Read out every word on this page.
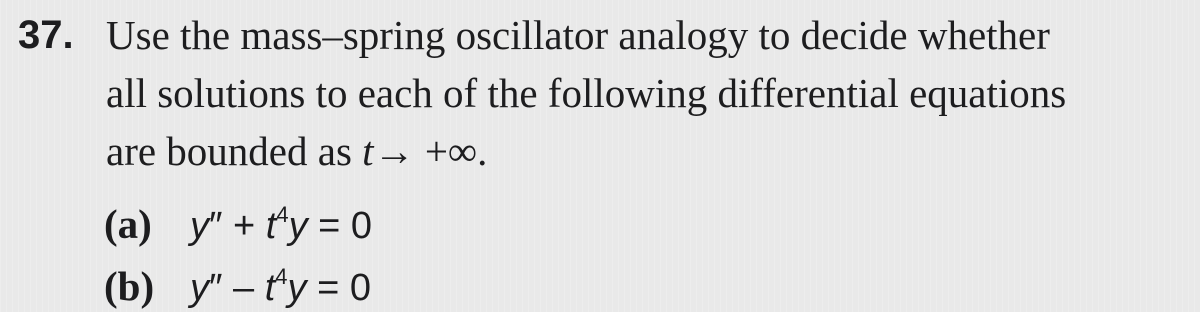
37. Use the mass–spring oscillator analogy to decide whether
all solutions to each of the following differential equations
are bounded as t→ +∞.
(a) $y'' + t^4y = 0$
(b) $y'' - t^4y = 0$
